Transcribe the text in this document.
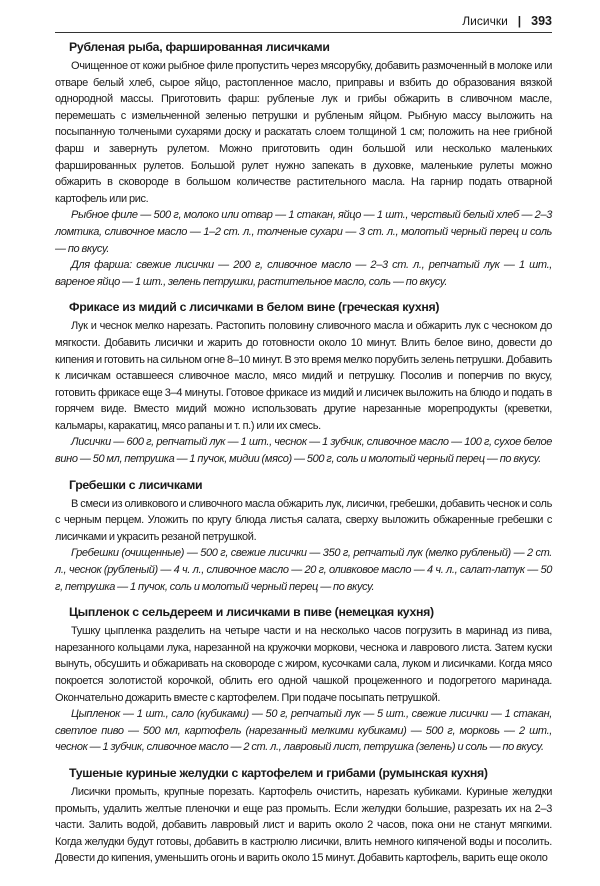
Лисички | 393
Рубленая рыба, фаршированная лисичками

Очищенное от кожи рыбное филе пропустить через мясорубку, добавить размоченный в молоке или отваре белый хлеб, сырое яйцо, растопленное масло, приправы и взбить до образования вязкой однородной массы. Приготовить фарш: рубленые лук и грибы обжарить в сливочном масле, перемешать с измельченной зеленью петрушки и рубленым яйцом. Рыбную массу выложить на посыпанную толчеными сухарями доску и раскатать слоем толщиной 1 см; положить на нее грибной фарш и завернуть рулетом. Можно приготовить один большой или несколько маленьких фаршированных рулетов. Большой рулет нужно запекать в духовке, маленькие рулеты можно обжарить в сковороде в большом количестве растительного масла. На гарнир подать отварной картофель или рис.

Рыбное филе — 500 г, молоко или отвар — 1 стакан, яйцо — 1 шт., черствый белый хлеб — 2–3 ломтика, сливочное масло — 1–2 ст. л., толченые сухари — 3 ст. л., молотый черный перец и соль — по вкусу.

Для фарша: свежие лисички — 200 г, сливочное масло — 2–3 ст. л., репчатый лук — 1 шт., вареное яйцо — 1 шт., зелень петрушки, растительное масло, соль — по вкусу.

Фрикасе из мидий с лисичками в белом вине (греческая кухня)

Лук и чеснок мелко нарезать. Растопить половину сливочного масла и обжарить лук с чесноком до мягкости. Добавить лисички и жарить до готовности около 10 минут. Влить белое вино, довести до кипения и готовить на сильном огне 8–10 минут. В это время мелко порубить зелень петрушки. Добавить к лисичкам оставшееся сливочное масло, мясо мидий и петрушку. Посолив и поперчив по вкусу, готовить фрикасе еще 3–4 минуты. Готовое фрикасе из мидий и лисичек выложить на блюдо и подать в горячем виде. Вместо мидий можно использовать другие нарезанные морепродукты (креветки, кальмары, каракатиц, мясо рапаны и т. п.) или их смесь.

Лисички — 600 г, репчатый лук — 1 шт., чеснок — 1 зубчик, сливочное масло — 100 г, сухое белое вино — 50 мл, петрушка — 1 пучок, мидии (мясо) — 500 г, соль и молотый черный перец — по вкусу.

Гребешки с лисичками

В смеси из оливкового и сливочного масла обжарить лук, лисички, гребешки, добавить чеснок и соль с черным перцем. Уложить по кругу блюда листья салата, сверху выложить обжаренные гребешки с лисичками и украсить резаной петрушкой.

Гребешки (очищенные) — 500 г, свежие лисички — 350 г, репчатый лук (мелко рубленый) — 2 ст. л., чеснок (рубленый) — 4 ч. л., сливочное масло — 20 г, оливковое масло — 4 ч. л., салат-латук — 50 г, петрушка — 1 пучок, соль и молотый черный перец — по вкусу.

Цыпленок с сельдереем и лисичками в пиве (немецкая кухня)

Тушку цыпленка разделить на четыре части и на несколько часов погрузить в маринад из пива, нарезанного кольцами лука, нарезанной на кружочки моркови, чеснока и лаврового листа. Затем куски вынуть, обсушить и обжаривать на сковороде с жиром, кусочками сала, луком и лисичками. Когда мясо покроется золотистой корочкой, облить его одной чашкой процеженного и подогретого маринада. Окончательно дожарить вместе с картофелем. При подаче посыпать петрушкой.

Цыпленок — 1 шт., сало (кубиками) — 50 г, репчатый лук — 5 шт., свежие лисички — 1 стакан, светлое пиво — 500 мл, картофель (нарезанный мелкими кубиками) — 500 г, морковь — 2 шт., чеснок — 1 зубчик, сливочное масло — 2 ст. л., лавровый лист, петрушка (зелень) и соль — по вкусу.

Тушеные куриные желудки с картофелем и грибами (румынская кухня)

Лисички промыть, крупные порезать. Картофель очистить, нарезать кубиками. Куриные желудки промыть, удалить желтые пленочки и еще раз промыть. Если желудки большие, разрезать их на 2–3 части. Залить водой, добавить лавровый лист и варить около 2 часов, пока они не станут мягкими. Когда желудки будут готовы, добавить в кастрюлю лисички, влить немного кипяченой воды и посолить. Довести до кипения, уменьшить огонь и варить около 15 минут. Добавить картофель, варить еще около
